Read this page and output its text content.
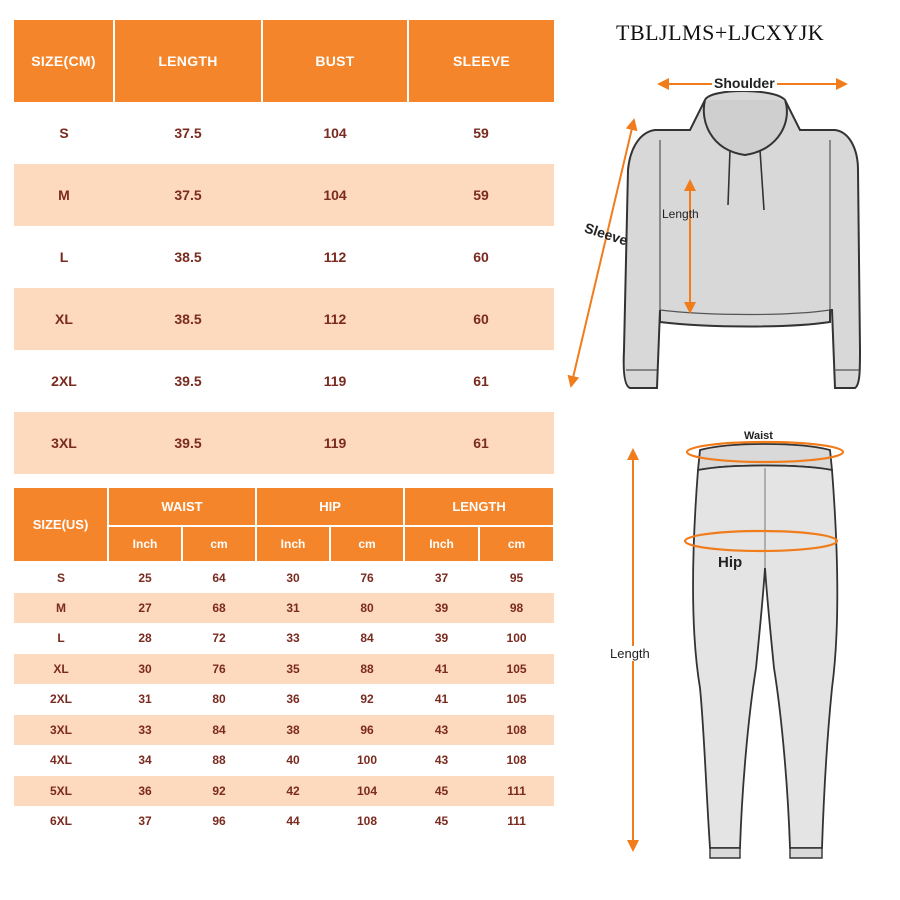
SIZE(CM)	LENGTH	BUST	SLEEVE
S	37.5	104	59
M	37.5	104	59
L	38.5	112	60
XL	38.5	112	60
2XL	39.5	119	61
3XL	39.5	119	61
SIZE(US)	WAIST		HIP		LENGTH	
	Inch	cm	Inch	cm	Inch	cm
S	25	64	30	76	37	95
M	27	68	31	80	39	98
L	28	72	33	84	39	100
XL	30	76	35	88	41	105
2XL	31	80	36	92	41	105
3XL	33	84	38	96	43	108
4XL	34	88	40	100	43	108
5XL	36	92	42	104	45	111
6XL	37	96	44	108	45	111
TBLJLMS+LJCXYJK
Shoulder
Length
Sleeve
Waist
Hip
Length
